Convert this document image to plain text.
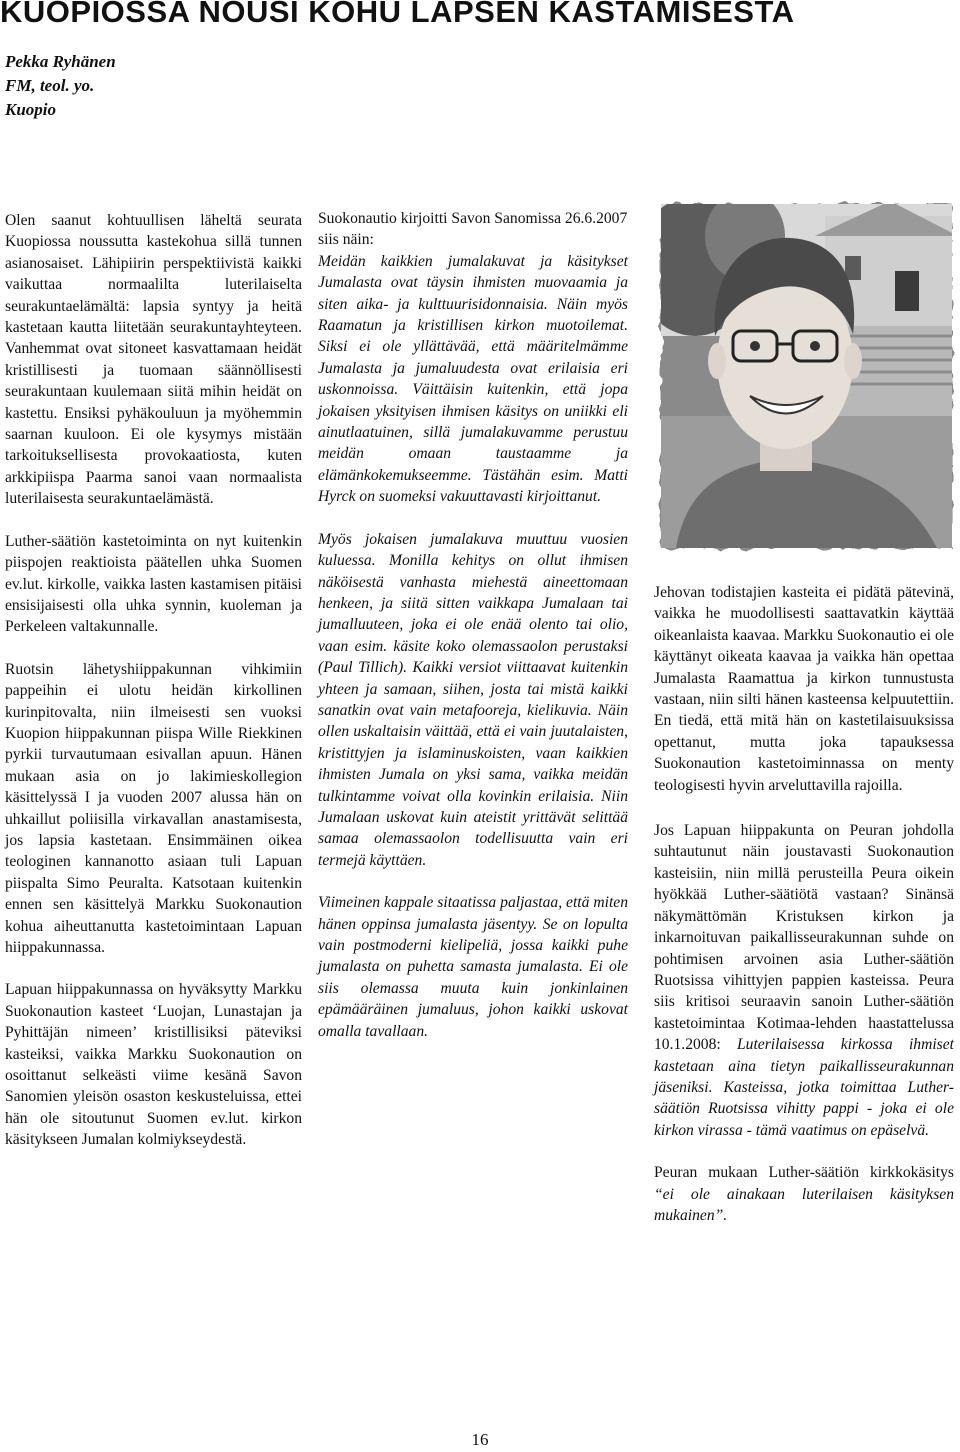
KUOPIOSSA NOUSI KOHU LAPSEN KASTAMISESTA
Pekka Ryhänen
FM, teol. yo.
Kuopio

Olen saanut kohtuullisen läheltä seurata Kuopiossa noussutta kastekohua sillä tunnen asianosaiset. Lähipiirin perspektiivistä kaikki vaikuttaa normaalilta luterilaiselta seurakuntaelämältä: lapsia syntyy ja heitä kastetaan kautta liitetään seurakuntayhteyteen. Vanhemmat ovat sitoneet kasvattamaan heidät kristillisesti ja tuomaan säännöllisesti seurakuntaan kuulemaan siitä mihin heidät on kastettu. Ensiksi pyhäkouluun ja myöhemmin saarnan kuuloon. Ei ole kysymys mistään tarkoituksellisesta provokaatiosta, kuten arkkipiispa Paarma sanoi vaan normaalista luterilaisesta seurakuntaelämästä.

Luther-säätiön kastetoiminta on nyt kuitenkin piispojen reaktioista päätellen uhka Suomen ev.lut. kirkolle, vaikka lasten kastamisen pitäisi ensisijaisesti olla uhka synnin, kuoleman ja Perkeleen valtakunnalle.

Ruotsin lähetyshiippakunnan vihkimiin pappeihin ei ulotu heidän kirkollinen kurinpitovalta, niin ilmeisesti sen vuoksi Kuopion hiippakunnan piispa Wille Riekkinen pyrkii turvautumaan esivallan apuun. Hänen mukaan asia on jo lakimieskollegion käsittelyssä I ja vuoden 2007 alussa hän on uhkaillut poliisilla virkavallan anastamisesta, jos lapsia kastetaan. Ensimmäinen oikea teologinen kannanotto asiaan tuli Lapuan piispalta Simo Peuralta. Katsotaan kuitenkin ennen sen käsittelyä Markku Suokonaution kohua aiheuttanutta kastetoimintaan Lapuan hiippakunnassa.

Lapuan hiippakunnassa on hyväksytty Markku Suokonaution kasteet ‘Luojan, Lunastajan ja Pyhittäjän nimeen’ kristillisiksi päteviksi kasteiksi, vaikka Markku Suokonaution on osoittanut selkeästi viime kesänä Savon Sanomien yleisön osaston keskusteluissa, ettei hän ole sitoutunut Suomen ev.lut. kirkon käsitykseen Jumalan kolmiykseydestä.

Suokonautio kirjoitti Savon Sanomissa 26.6.2007 siis näin:

Meidän kaikkien jumalakuvat ja käsitykset Jumalasta ovat täysin ihmisten muovaamia ja siten aika- ja kulttuurisidonnaisia. Näin myös Raamatun ja kristillisen kirkon muotoilemat. Siksi ei ole yllättävää, että määritelmämme Jumalasta ja jumaluudesta ovat erilaisia eri uskonnoissa. Väittäisin kuitenkin, että jopa jokaisen yksityisen ihmisen käsitys on uniikki eli ainutlaatuinen, sillä jumalakuvamme perustuu meidän omaan taustaamme ja elämänkokemukseemme. Tästähän esim. Matti Hyrck on suomeksi vakuuttavasti kirjoittanut.

Myös jokaisen jumalakuva muuttuu vuosien kuluessa. Monilla kehitys on ollut ihmisen näköisestä vanhasta miehestä aineettomaan henkeen, ja siitä sitten vaikkapa Jumalaan tai jumalluuteen, joka ei ole enää olento tai olio, vaan esim. käsite koko olemassaolon perustaksi (Paul Tillich). Kaikki versiot viittaavat kuitenkin yhteen ja samaan, siihen, josta tai mistä kaikki sanatkin ovat vain metafooreja, kielikuvia. Näin ollen uskaltaisin väittää, että ei vain juutalaisten, kristittyjen ja islaminuskoisten, vaan kaikkien ihmisten Jumala on yksi sama, vaikka meidän tulkintamme voivat olla kovinkin erilaisia. Niin Jumalaan uskovat kuin ateistit yrittävät selittää samaa olemassaolon todellisuutta vain eri termejä käyttäen.

Viimeinen kappale sitaatissa paljastaa, että miten hänen oppinsa jumalasta jäsentyy. Se on lopulta vain postmoderni kielipeliä, jossa kaikki puhe jumalasta on puhetta samasta jumalasta. Ei ole siis olemassa muuta kuin jonkinlainen epämääräinen jumaluus, johon kaikki uskovat omalla tavallaan.

Jehovan todistajien kasteita ei pidätä pätevinä, vaikka he muodollisesti saattavatkin käyttää oikeanlaista kaavaa. Markku Suokonautio ei ole käyttänyt oikeata kaavaa ja vaikka hän opettaa Jumalasta Raamattua ja kirkon tunnustusta vastaan, niin silti hänen kasteensa kelpuutettiin. En tiedä, että mitä hän on kastetilaisuuksissa opettanut, mutta joka tapauksessa Suokonaution kastetoiminnassa on menty teologisesti hyvin arveluttavilla rajoilla.

Jos Lapuan hiippakunta on Peuran johdolla suhtautunut näin joustavasti Suokonaution kasteisiin, niin millä perusteilla Peura oikein hyökkää Luther-säätiötä vastaan? Sinänsä näkymättömän Kristuksen kirkon ja inkarnoituvan paikallisseurakunnan suhde on pohtimisen arvoinen asia Luther-säätiön Ruotsissa vihittyjen pappien kasteissa. Peura siis kritisoi seuraavin sanoin Luther-säätiön kastetoimintaa Kotimaa-lehden haastattelussa 10.1.2008: Luterilaisessa kirkossa ihmiset kastetaan aina tietyn paikallisseurakunnan jäseniksi. Kasteissa, jotka toimittaa Luther-säätiön Ruotsissa vihitty pappi - joka ei ole kirkon virassa - tämä vaatimus on epäselvä.

Peuran mukaan Luther-säätiön kirkkokäsitys “ei ole ainakaan luterilaisen käsityksen mukainen”.

16
